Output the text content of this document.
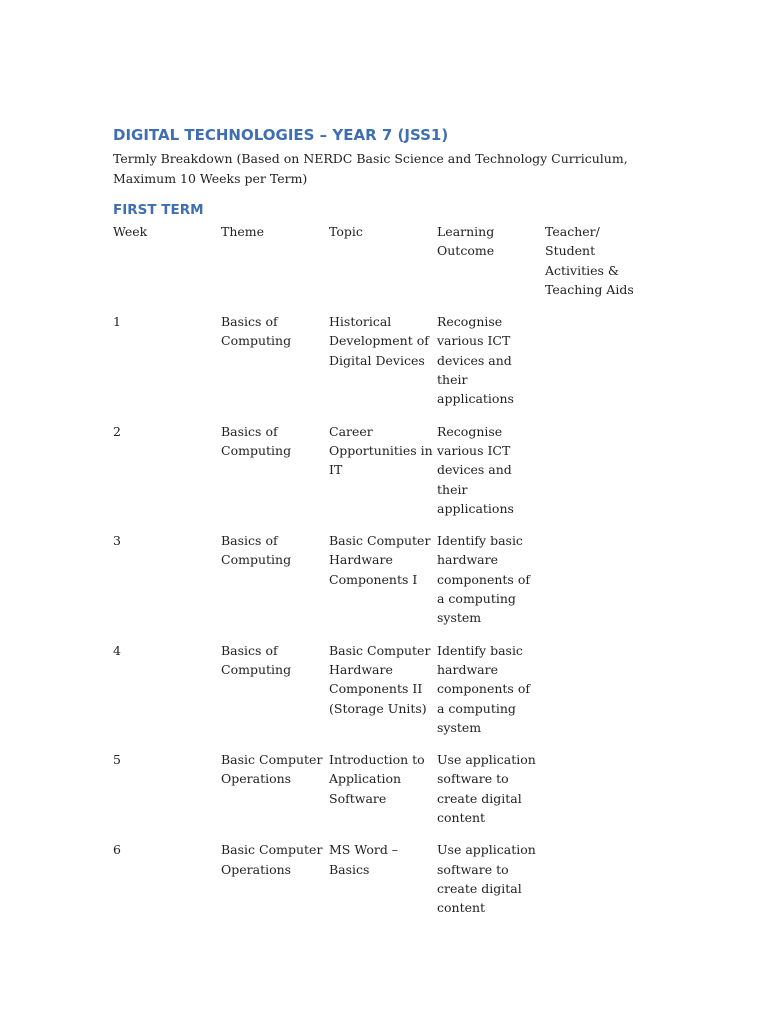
DIGITAL TECHNOLOGIES – YEAR 7 (JSS1)

Termly Breakdown (Based on NERDC Basic Science and Technology Curriculum, Maximum 10 Weeks per Term)

FIRST TERM
Week	Theme	Topic	Learning Outcome	Teacher/ Student Activities & Teaching Aids
1	Basics of Computing	Historical Development of Digital Devices	Recognise various ICT devices and their applications	
2	Basics of Computing	Career Opportunities in IT	Recognise various ICT devices and their applications	
3	Basics of Computing	Basic Computer Hardware Components I	Identify basic hardware components of a computing system	
4	Basics of Computing	Basic Computer Hardware Components II (Storage Units)	Identify basic hardware components of a computing system	
5	Basic Computer Operations	Introduction to Application Software	Use application software to create digital content	
6	Basic Computer Operations	MS Word – Basics	Use application software to create digital content	
